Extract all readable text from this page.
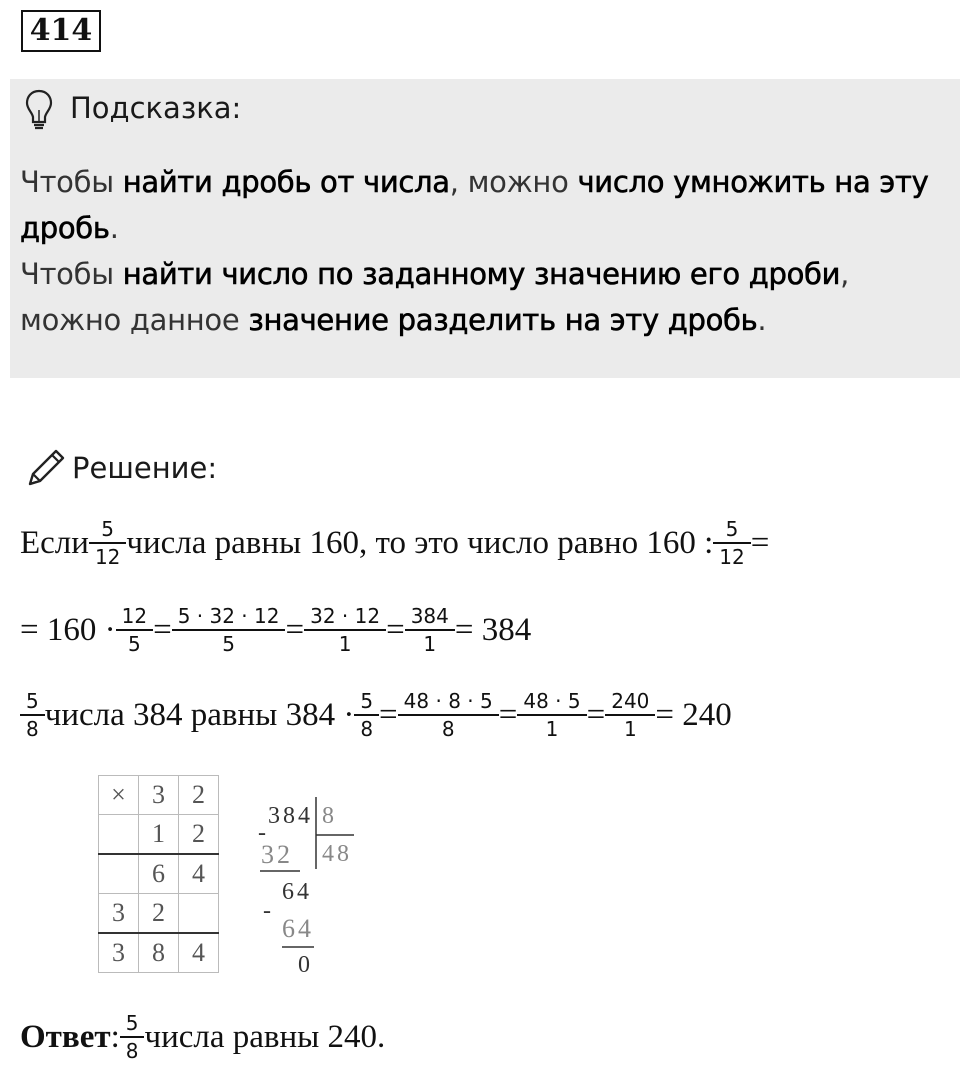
414
Подсказка:
Чтобы найти дробь от числа, можно число умножить на эту
дробь.
Чтобы найти число по заданному значению его дроби,
можно данное значение разделить на эту дробь.
Решение:
Если $\frac{5}{12}$ числа равны 160, то это число равно 160 : $\frac{5}{12}$ =
= $160 \cdot \frac{12}{5} = \frac{5 \cdot 32 \cdot 12}{5} = \frac{32 \cdot 12}{1} = \frac{384}{1} = 384$
$\frac{5}{8}$ числа 384 равны $384 \cdot \frac{5}{8} = \frac{48 \cdot 8 \cdot 5}{8} = \frac{48 \cdot 5}{1} = \frac{240}{1} = 240$
×	3	2
	1	2
	6	4
3	2	
3	8	4
-
384 8
32 48
64
-
64
0
Ответ : $\frac{5}{8}$ числа равны 240.
